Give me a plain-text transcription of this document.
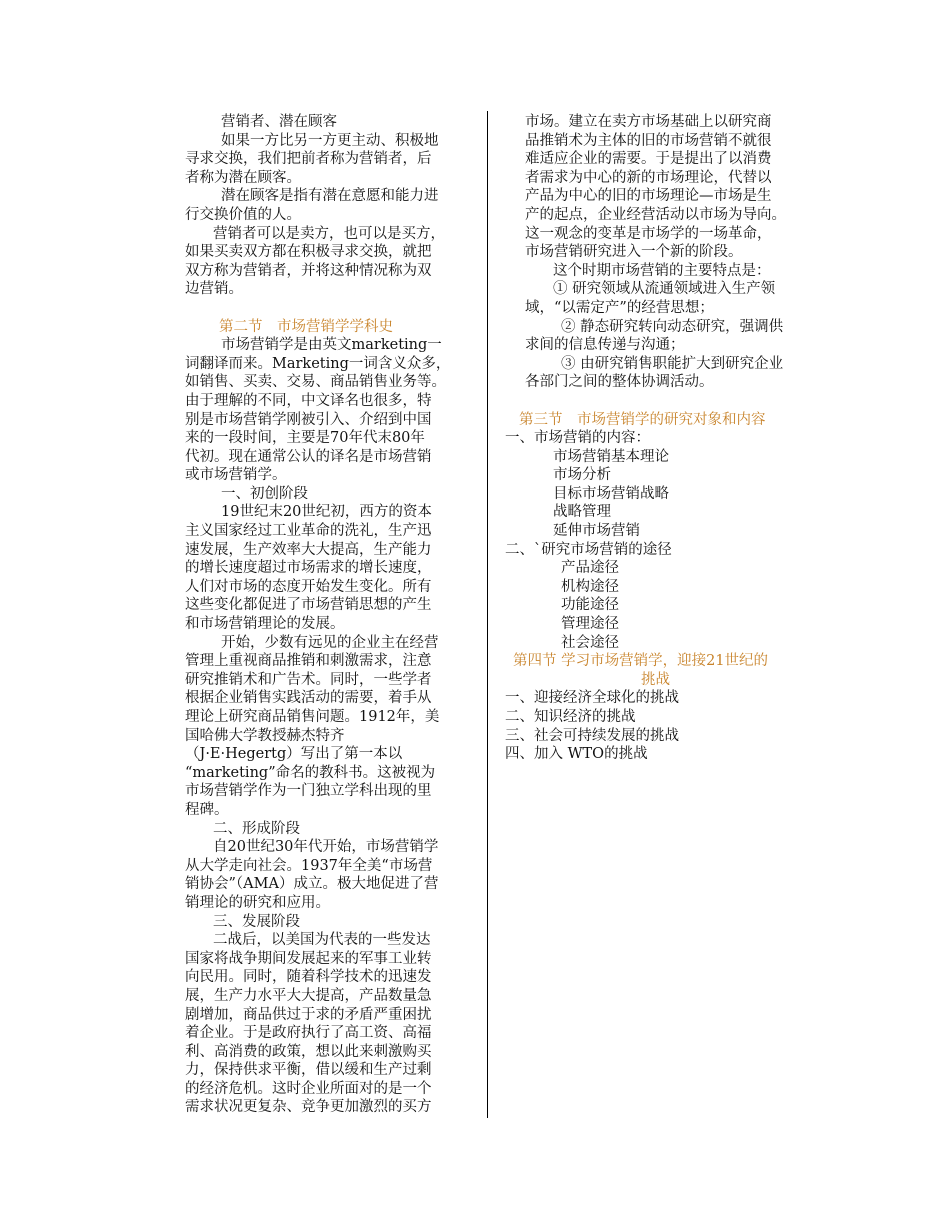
营销者、潜在顾客
如果一方比另一方更主动、积极地
寻求交换，我们把前者称为营销者，后
者称为潜在顾客。
潜在顾客是指有潜在意愿和能力进
行交换价值的人。
营销者可以是卖方，也可以是买方，
如果买卖双方都在积极寻求交换，就把
双方称为营销者，并将这种情况称为双
边营销。
第二节　市场营销学学科史
市场营销学是由英文marketing一
词翻译而来。Marketing一词含义众多，
如销售、买卖、交易、商品销售业务等。
由于理解的不同，中文译名也很多，特
别是市场营销学刚被引入、介绍到中国
来的一段时间，主要是70年代末80年
代初。现在通常公认的译名是市场营销
或市场营销学。
一、初创阶段
19世纪末20世纪初，西方的资本
主义国家经过工业革命的洗礼，生产迅
速发展，生产效率大大提高，生产能力
的增长速度超过市场需求的增长速度，
人们对市场的态度开始发生变化。所有
这些变化都促进了市场营销思想的产生
和市场营销理论的发展。
开始，少数有远见的企业主在经营
管理上重视商品推销和刺激需求，注意
研究推销术和广告术。同时，一些学者
根据企业销售实践活动的需要，着手从
理论上研究商品销售问题。1912年，美
国哈佛大学教授赫杰特齐
（J·E·Hegertg）写出了第一本以
“marketing”命名的教科书。这被视为
市场营销学作为一门独立学科出现的里
程碑。
二、形成阶段
自20世纪30年代开始，市场营销学
从大学走向社会。1937年全美“市场营
销协会”（AMA）成立。极大地促进了营
销理论的研究和应用。
三、发展阶段
二战后，以美国为代表的一些发达
国家将战争期间发展起来的军事工业转
向民用。同时，随着科学技术的迅速发
展，生产力水平大大提高，产品数量急
剧增加，商品供过于求的矛盾严重困扰
着企业。于是政府执行了高工资、高福
利、高消费的政策，想以此来刺激购买
力，保持供求平衡，借以缓和生产过剩
的经济危机。这时企业所面对的是一个
需求状况更复杂、竞争更加激烈的买方
市场。建立在卖方市场基础上以研究商
品推销术为主体的旧的市场营销不就很
难适应企业的需要。于是提出了以消费
者需求为中心的新的市场理论，代替以
产品为中心的旧的市场理论—市场是生
产的起点，企业经营活动以市场为导向。
这一观念的变革是市场学的一场革命，
市场营销研究进入一个新的阶段。
这个时期市场营销的主要特点是：
① 研究领域从流通领域进入生产领
域，“以需定产”的经营思想；
② 静态研究转向动态研究，强调供
求间的信息传递与沟通；
③ 由研究销售职能扩大到研究企业
各部门之间的整体协调活动。
第三节　市场营销学的研究对象和内容
一、市场营销的内容：
市场营销基本理论
市场分析
目标市场营销战略
战略管理
延伸市场营销
二、`研究市场营销的途径
产品途径
机构途径
功能途径
管理途径
社会途径
第四节 学习市场营销学，迎接21世纪的
挑战
一、迎接经济全球化的挑战
二、知识经济的挑战
三、社会可持续发展的挑战
四、加入 WTO的挑战
